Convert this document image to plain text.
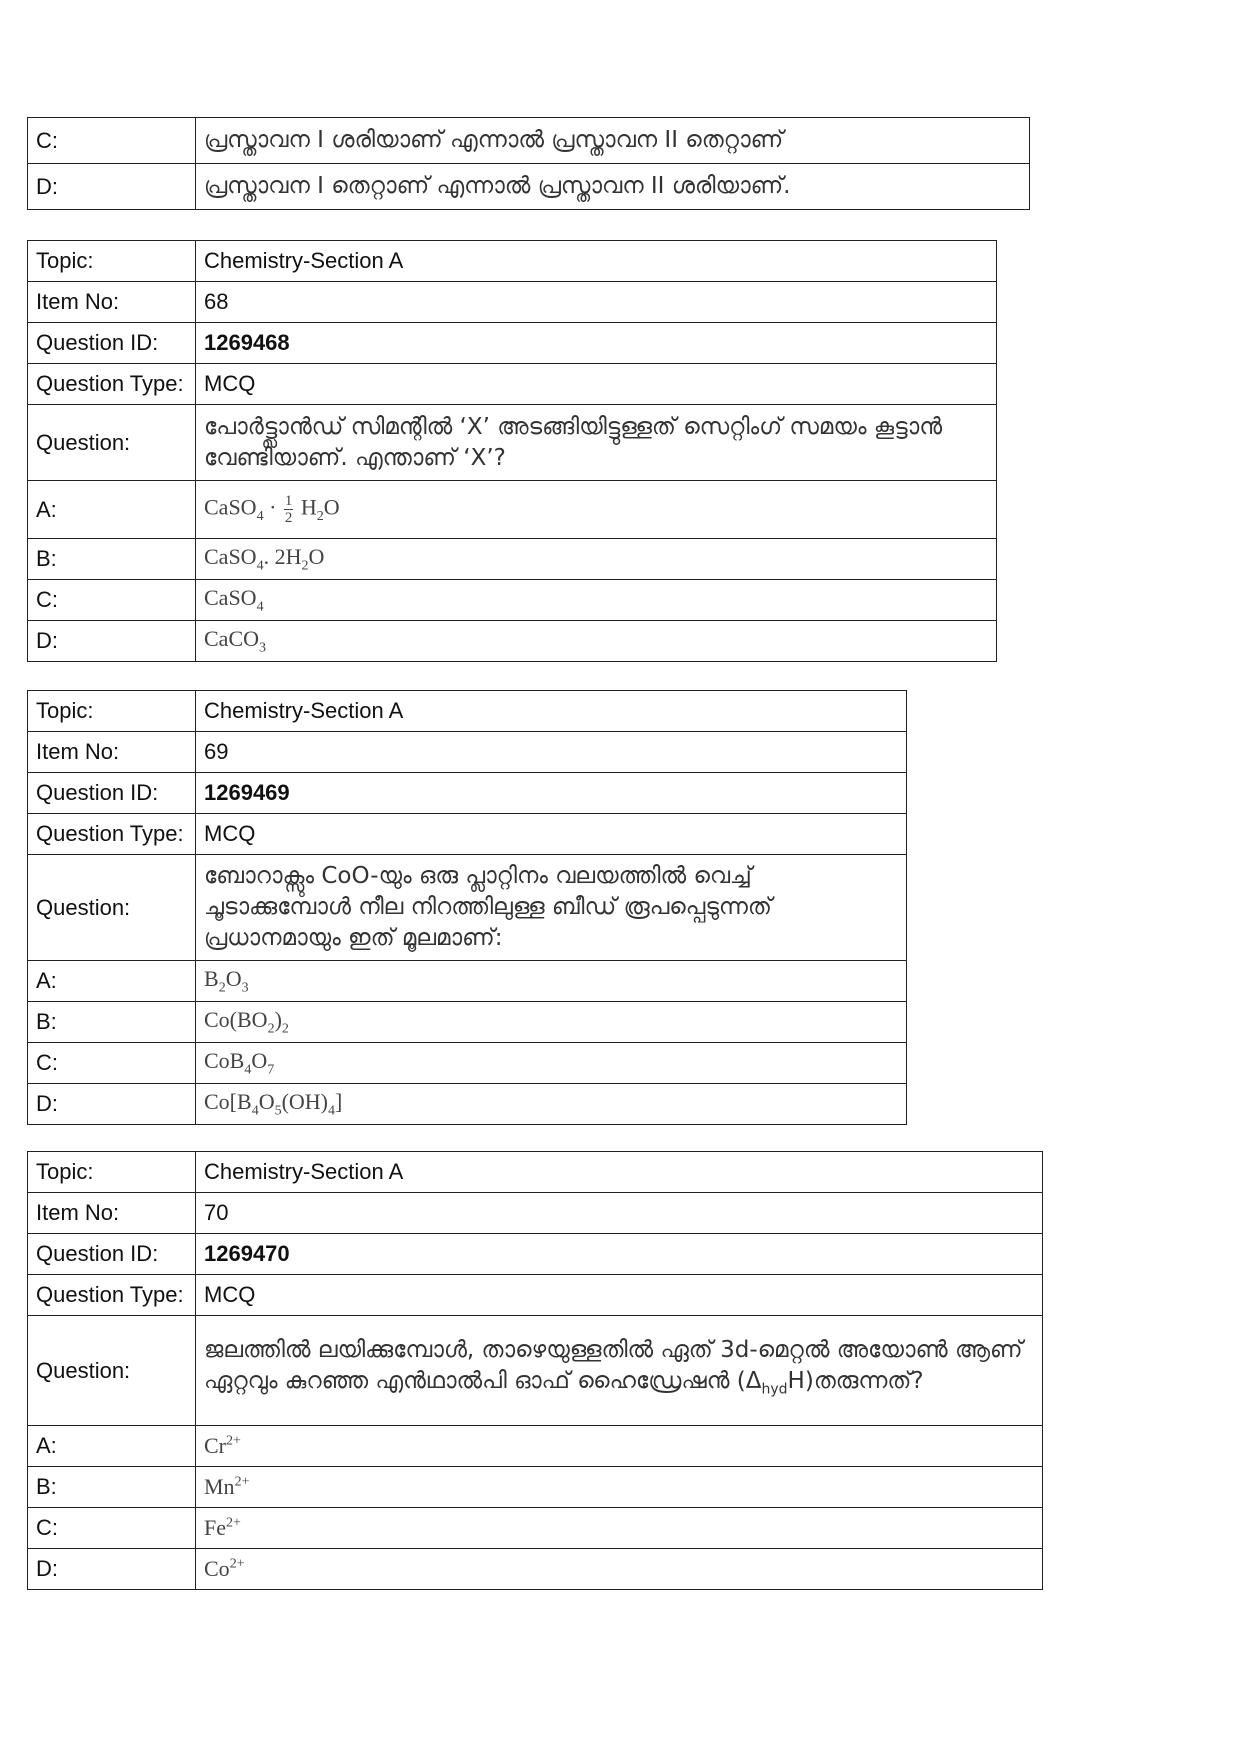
C:	പ്രസ്താവന I ശരിയാണ് എന്നാൽ പ്രസ്താവന II തെറ്റാണ്
D:	പ്രസ്താവന I തെറ്റാണ് എന്നാൽ പ്രസ്താവന II ശരിയാണ്.
Topic:	Chemistry-Section A
Item No:	68
Question ID:	1269468
Question Type:	MCQ
Question:	പോർട്ട്ലാൻഡ് സിമന്റിൽ ‘X’ അടങ്ങിയിട്ടുള്ളത് സെറ്റിംഗ് സമയം കൂട്ടാൻ വേണ്ടിയാണ്. എന്താണ് ‘X’?
A:	CaSO$_4$ · $\frac{1}{2} H_2O$
B:	CaSO$_4$. $2H_2O$
C:	CaSO$_4$
D:	CaCO$_3$
Topic:	Chemistry-Section A
Item No:	69
Question ID:	1269469
Question Type:	MCQ
Question:	ബോറാക്സും CoO-യും ഒരു പ്ലാറ്റിനം വലയത്തിൽ വെച്ച് ചൂടാക്കുമ്പോൾ നീല നിറത്തിലുള്ള ബീഡ് രൂപപ്പെടുന്നത് പ്രധാനമായും ഇത് മൂലമാണ്:
A:	$B_2O_3$
B:	$Co(BO_2)_2$
C:	$CoB_4O_7$
D:	$Co[B_4O_5(OH)_4]$
Topic:	Chemistry-Section A
Item No:	70
Question ID:	1269470
Question Type:	MCQ
Question:	ജലത്തിൽ ലയിക്കുമ്പോൾ, താഴെയുള്ളതിൽ ഏത് 3d-മെറ്റൽ അയോൺ ആണ് ഏറ്റവും കുറഞ്ഞ എൻഥാൽപി ഓഫ് ഹൈഡ്രേഷൻ $(\Delta_{hyd}H)തരുന്നത്$?
A:	$Cr^{2+}$
B:	$Mn^{2+}$
C:	$Fe^{2+}$
D:	$Co^{2+}$
